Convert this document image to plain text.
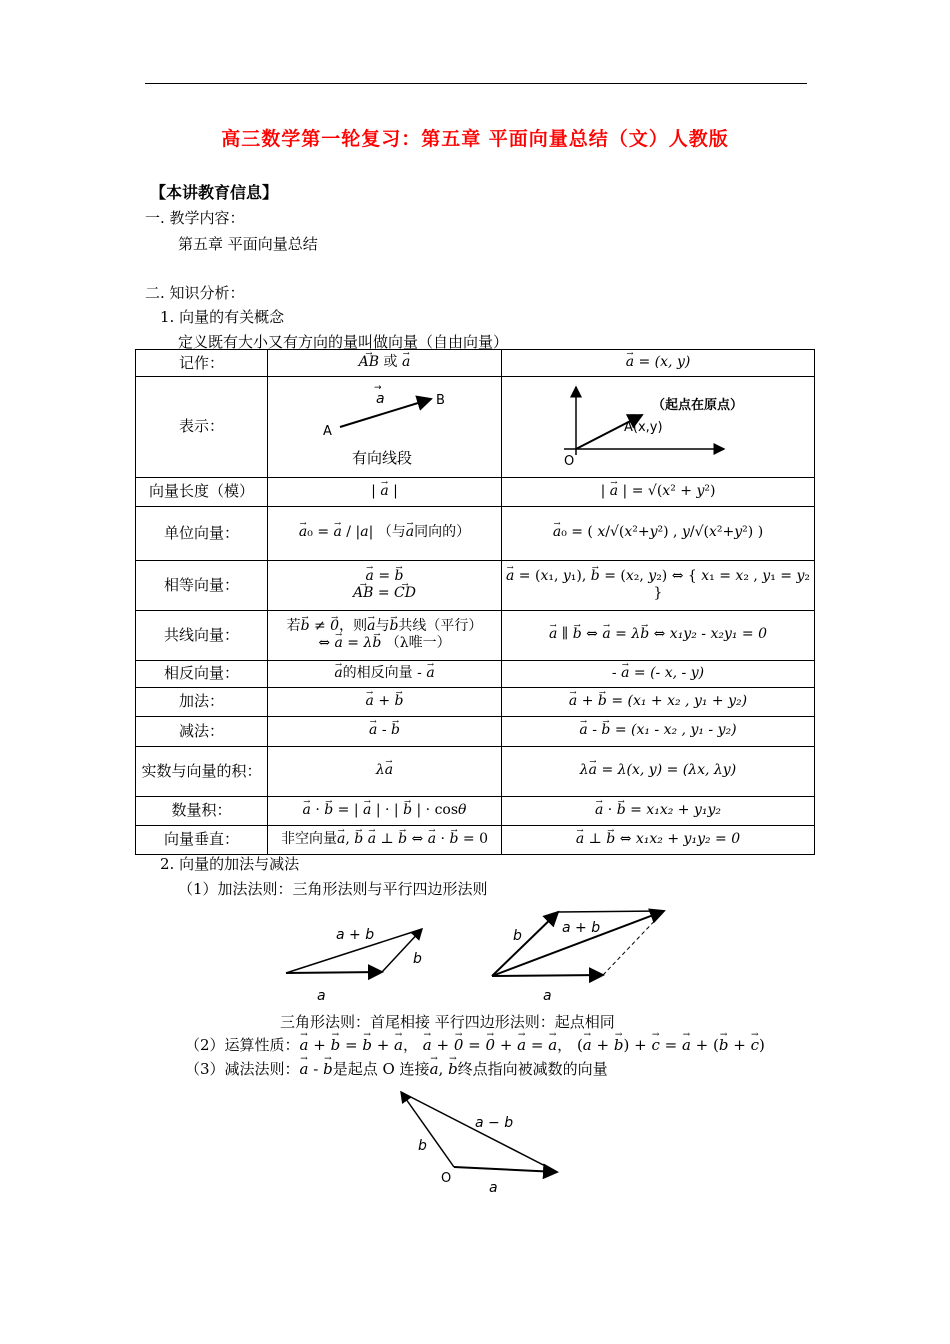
高三数学第一轮复习：第五章 平面向量总结（文）人教版
【本讲教育信息】
一. 教学内容：
第五章 平面向量总结
二. 知识分析：
1. 向量的有关概念
定义既有大小又有方向的量叫做向量（自由向量）
记作：	→ AB 或 → a	→ a = (x, y)
表示：	a
→
A
B
有向线段	（起点在原点）
A(x,y)
O

向量长度（模）	| → a |	| → a | = √(x² + y²)
单位向量：	→ a₀ = → a / |a| （与→ a同向的）	→ a₀ = ( x/√(x²+y²) , y/√(x²+y²) )
相等向量：	→ a = → b
→ AB = → CD	→ a = (x₁, y₁), → b = (x₂, y₂) ⇔ { x₁ = x₂ , y₁ = y₂ }
共线向量：	若→ b ≠ → 0，则→ a与→ b共线（平行）
⇔ → a = λ→ b （λ唯一）	→ a ∥ → b ⇔ → a = λ→ b ⇔ x₁y₂ - x₂y₁ = 0
相反向量：	→ a的相反向量 - → a	- → a = (- x, - y)
加法：	→ a + → b	→ a + → b = (x₁ + x₂ , y₁ + y₂)
减法：	→ a - → b	→ a - → b = (x₁ - x₂ , y₁ - y₂)
实数与向量的积：	λ→ a	λ→ a = λ(x, y) = (λx, λy)
数量积：	→ a · → b = | → a | · | → b | · cosθ	→ a · → b = x₁x₂ + y₁y₂
向量垂直：	非空向量→ a, → b → a ⊥ → b ⇔ → a · → b = 0	→ a ⊥ → b ⇔ x₁x₂ + y₁y₂ = 0
2. 向量的加法与减法
（1）加法法则：三角形法则与平行四边形法则
a + b
b
a
a + b
b
a
三角形法则：首尾相接 平行四边形法则：起点相同
（2）运算性质：→ a + → b = → b + → a， → a + → 0 = → 0 + → a = → a， (→ a + → b) + → c = → a + (→ b + → c)
（3）减法法则：→ a - → b是起点 O 连接→ a, → b终点指向被减数的向量
a − b
b
a
O
